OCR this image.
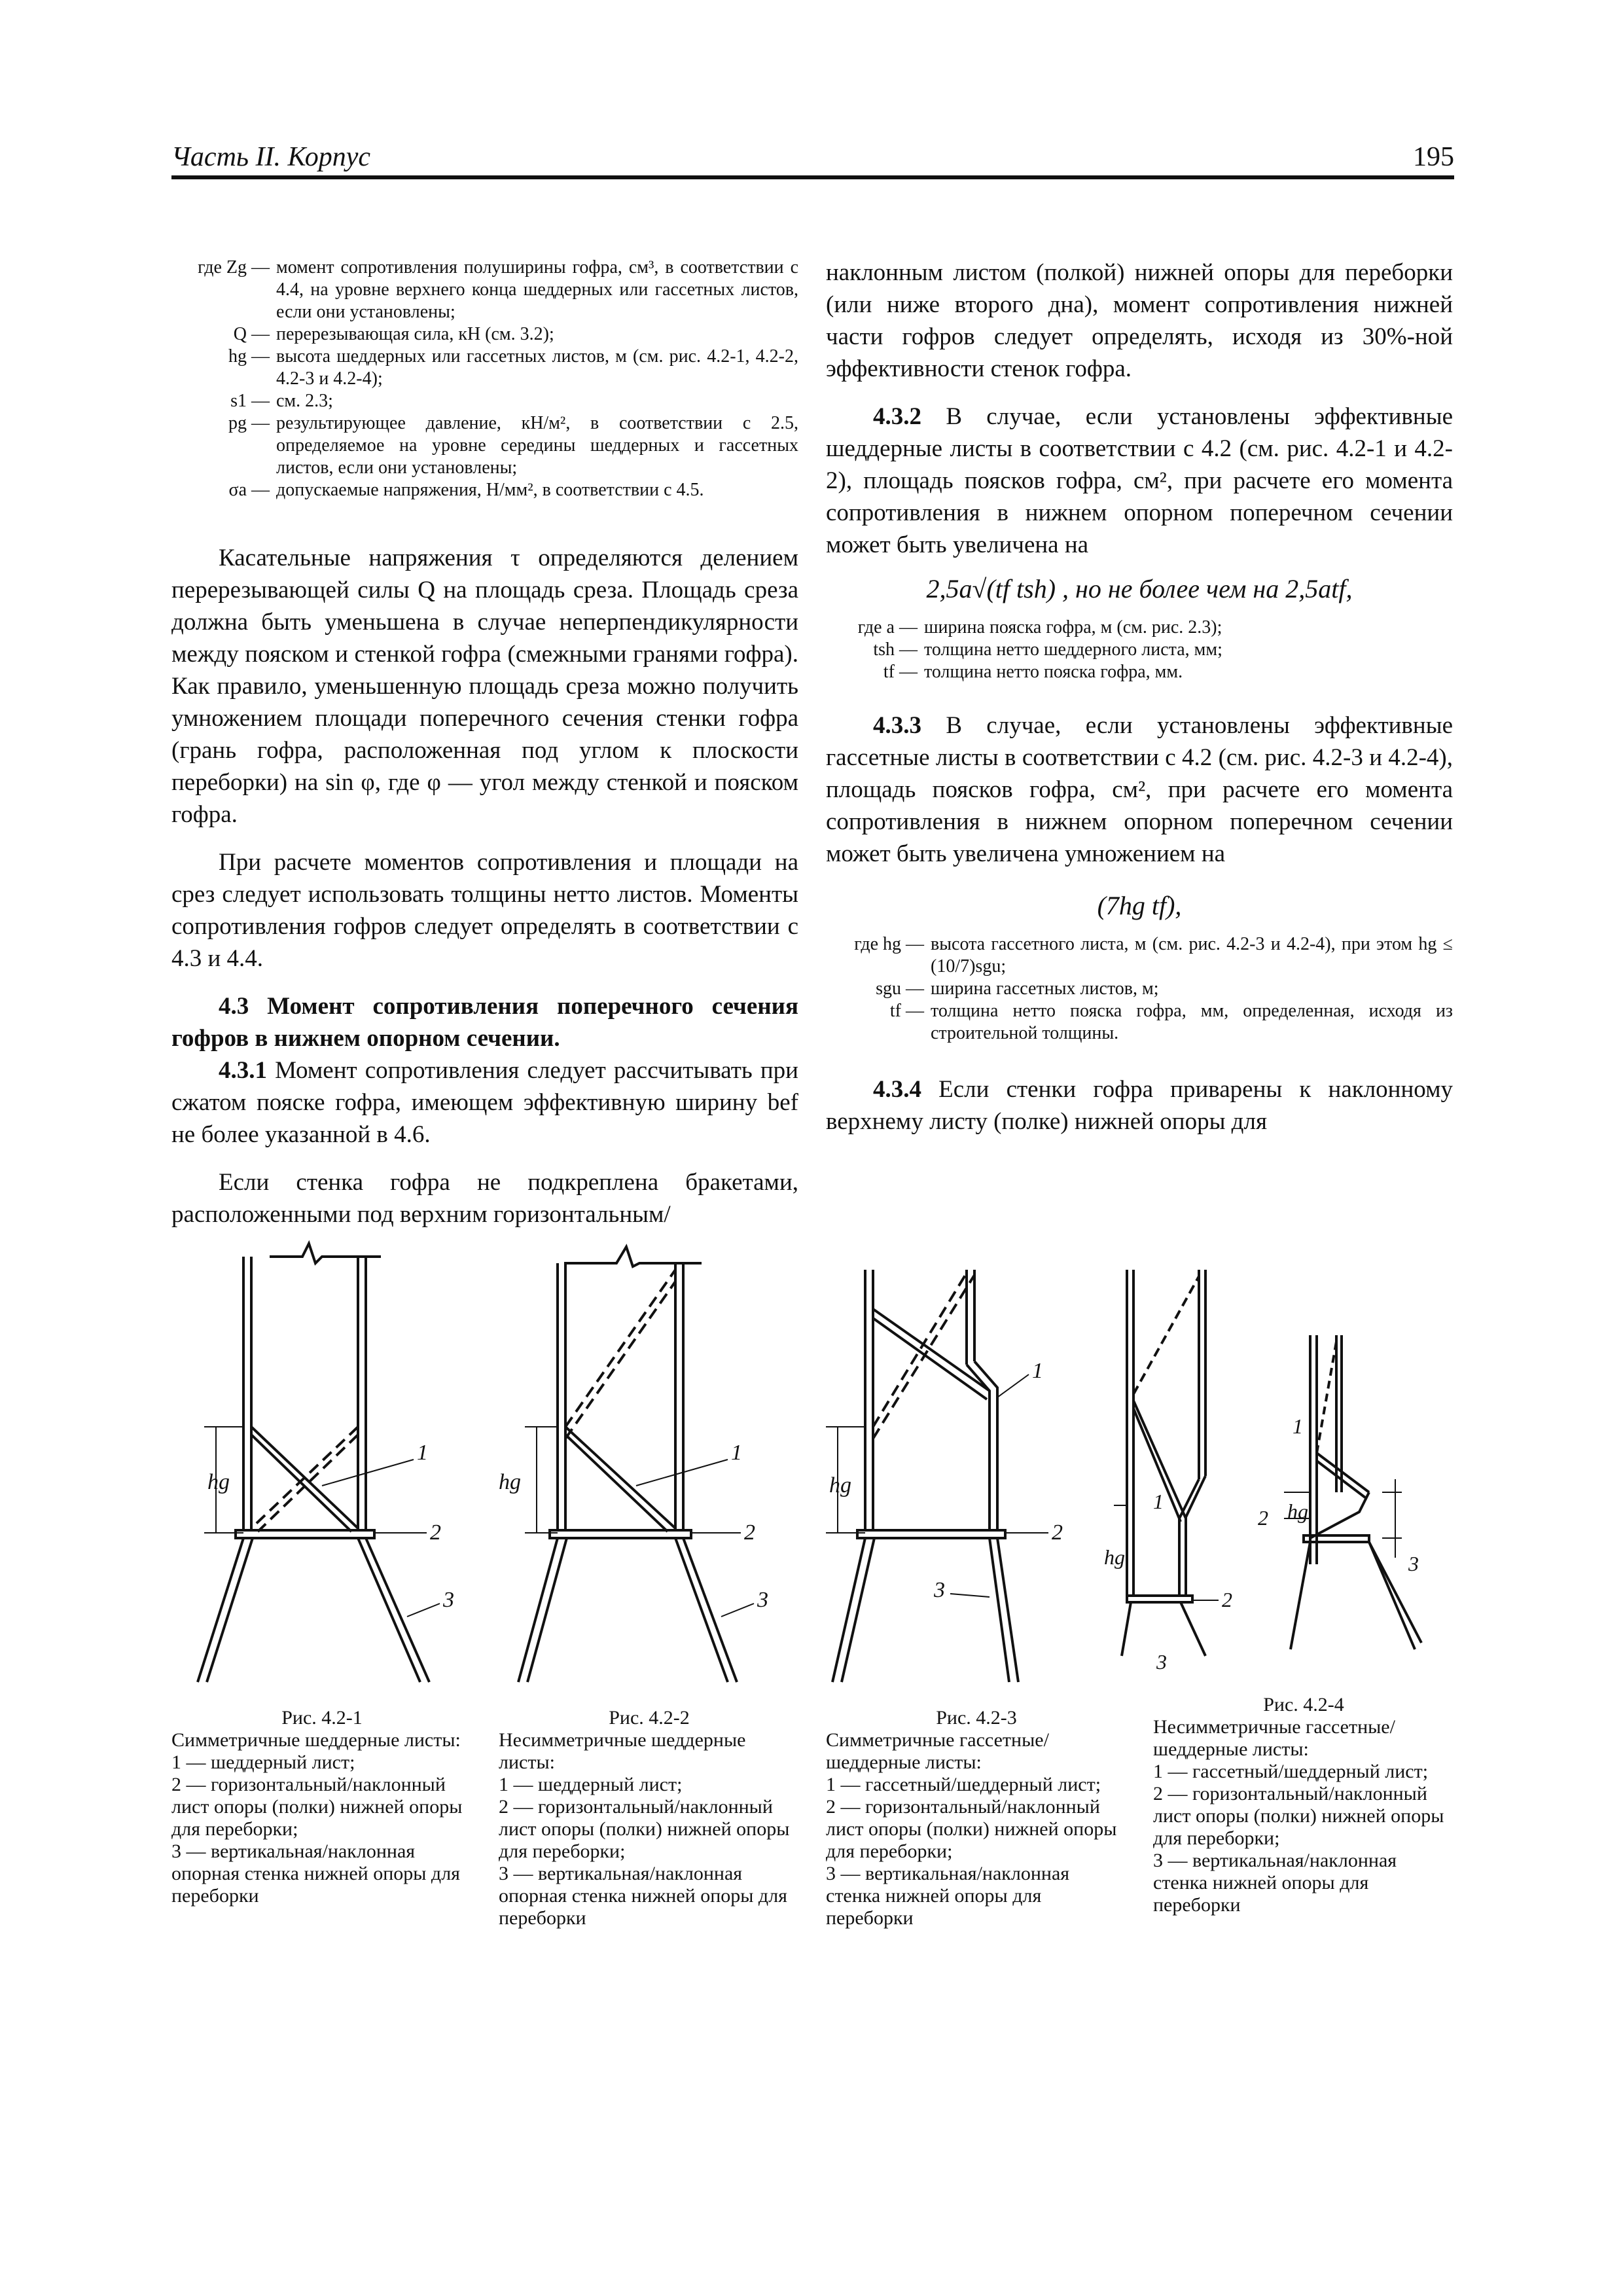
Часть II. Корпус	195
где Zg — момент сопротивления полуширины гофра, см³, в соответствии с 4.4, на уровне верхнего конца шеддерных или гассетных листов, если они установлены;
Q — перерезывающая сила, кН (см. 3.2);
hg — высота шеддерных или гассетных листов, м (см. рис. 4.2-1, 4.2-2, 4.2-3 и 4.2-4);
s1 — см. 2.3;
pg — результирующее давление, кН/м², в соответствии с 2.5, определяемое на уровне середины шеддерных и гассетных листов, если они установлены;
σa — допускаемые напряжения, Н/мм², в соответствии с 4.5.

Касательные напряжения τ определяются делением перерезывающей силы Q на площадь среза. Площадь среза должна быть уменьшена в случае неперпендикулярности между пояском и стенкой гофра (смежными гранями гофра). Как правило, уменьшенную площадь среза можно получить умножением площади поперечного сечения стенки гофра (грань гофра, расположенная под углом к плоскости переборки) на sin φ, где φ — угол между стенкой и пояском гофра.

При расчете моментов сопротивления и площади на срез следует использовать толщины нетто листов. Моменты сопротивления гофров следует определять в соответствии с 4.3 и 4.4.

4.3 Момент сопротивления поперечного сечения гофров в нижнем опорном сечении.

4.3.1 Момент сопротивления следует рассчитывать при сжатом пояске гофра, имеющем эффективную ширину bef не более указанной в 4.6.

Если стенка гофра не подкреплена бракетами, расположенными под верхним горизонтальным/

наклонным листом (полкой) нижней опоры для переборки (или ниже второго дна), момент сопротивления нижней части гофров следует определять, исходя из 30%-ной эффективности стенок гофра.

4.3.2 В случае, если установлены эффективные шеддерные листы в соответствии с 4.2 (см. рис. 4.2-1 и 4.2-2), площадь поясков гофра, см², при расчете его момента сопротивления в нижнем опорном поперечном сечении может быть увеличена на

2,5a√(tf tsh) , но не более чем на 2,5atf,
где a — ширина пояска гофра, м (см. рис. 2.3);
tsh — толщина нетто шеддерного листа, мм;
tf — толщина нетто пояска гофра, мм.

4.3.3 В случае, если установлены эффективные гассетные листы в соответствии с 4.2 (см. рис. 4.2-3 и 4.2-4), площадь поясков гофра, см², при расчете его момента сопротивления в нижнем опорном поперечном сечении может быть увеличена умножением на

(7hg tf),
где hg — высота гассетного листа, м (см. рис. 4.2-3 и 4.2-4), при этом hg ≤ (10/7)sgu;
sgu — ширина гассетных листов, м;
tf — толщина нетто пояска гофра, мм, определенная, исходя из строительной толщины.

4.3.4 Если стенки гофра приварены к наклонному верхнему листу (полке) нижней опоры для

hg
1
2
3
hg
1
2
3
hg
1
2
3
hg
1
2
3
hg
1
2
3
Рис. 4.2-1
Симметричные шеддерные листы:
1 — шеддерный лист;
2 — горизонтальный/наклонный лист опоры (полки) нижней опоры для переборки;
3 — вертикальная/наклонная опорная стенка нижней опоры для переборки
Рис. 4.2-2
Несимметричные шеддерные листы:
1 — шеддерный лист;
2 — горизонтальный/наклонный лист опоры (полки) нижней опоры для переборки;
3 — вертикальная/наклонная опорная стенка нижней опоры для переборки
Рис. 4.2-3
Симметричные гассетные/шеддерные листы:
1 — гассетный/шеддерный лист;
2 — горизонтальный/наклонный лист опоры (полки) нижней опоры для переборки;
3 — вертикальная/наклонная стенка нижней опоры для переборки
Рис. 4.2-4
Несимметричные гассетные/шеддерные листы:
1 — гассетный/шеддерный лист;
2 — горизонтальный/наклонный лист опоры (полки) нижней опоры для переборки;
3 — вертикальная/наклонная стенка нижней опоры для переборки
